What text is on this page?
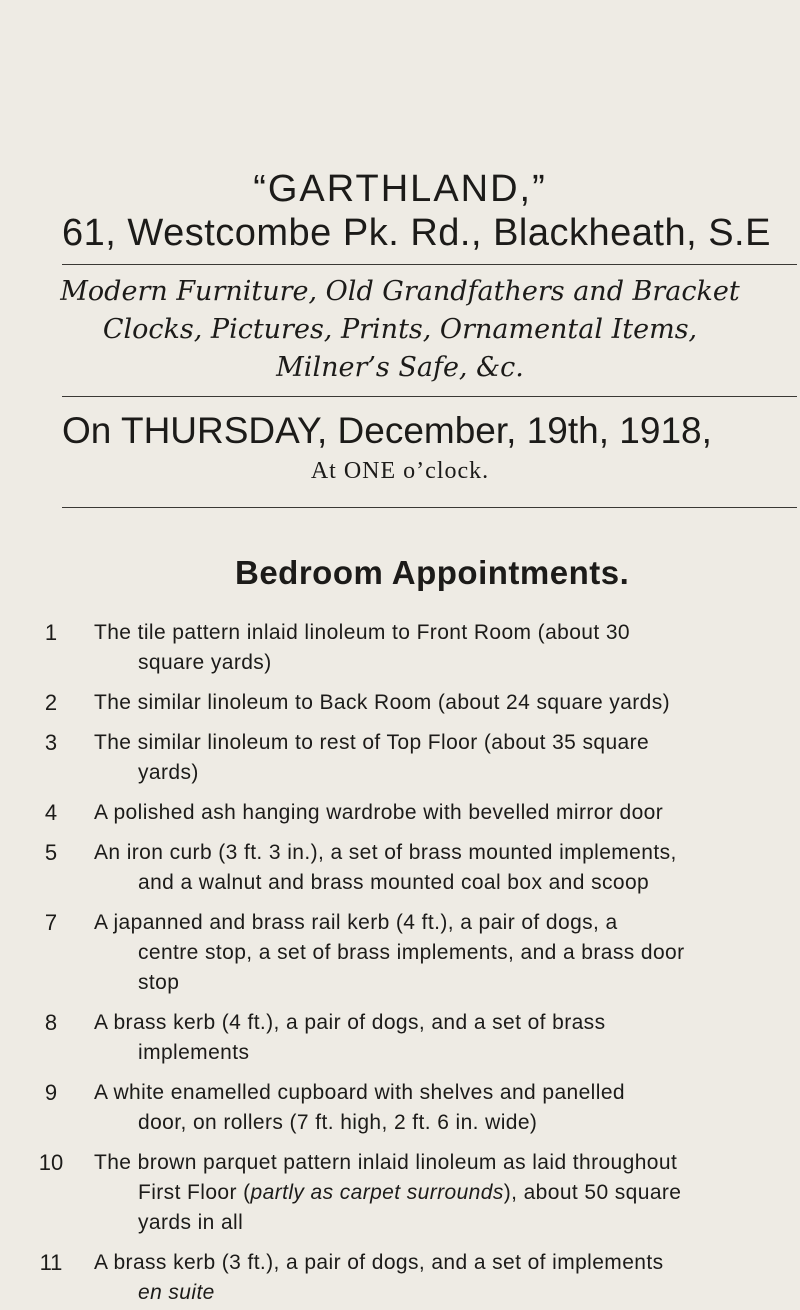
“GARTHLAND,”
61, Westcombe Pk. Rd., Blackheath, S.E
Modern Furniture, Old Grandfathers and Bracket
Clocks, Pictures, Prints, Ornamental Items,
Milner’s Safe, &c.
On THURSDAY, December, 19th, 1918,
At ONE o’clock.
Bedroom Appointments.
1	The tile pattern inlaid linoleum to Front Room (about 30
square yards)
2	The similar linoleum to Back Room (about 24 square yards)
3	The similar linoleum to rest of Top Floor (about 35 square
yards)
4	A polished ash hanging wardrobe with bevelled mirror door
5	An iron curb (3 ft. 3 in.), a set of brass mounted implements,
and a walnut and brass mounted coal box and scoop
7	A japanned and brass rail kerb (4 ft.), a pair of dogs, a
centre stop, a set of brass implements, and a brass door
stop
8	A brass kerb (4 ft.), a pair of dogs, and a set of brass
implements
9	A white enamelled cupboard with shelves and panelled
door, on rollers (7 ft. high, 2 ft. 6 in. wide)
10 The brown parquet pattern inlaid linoleum as laid throughout
First Floor (partly as carpet surrounds), about 50 square
yards in all
11 A brass kerb (3 ft.), a pair of dogs, and a set of implements
en suite
